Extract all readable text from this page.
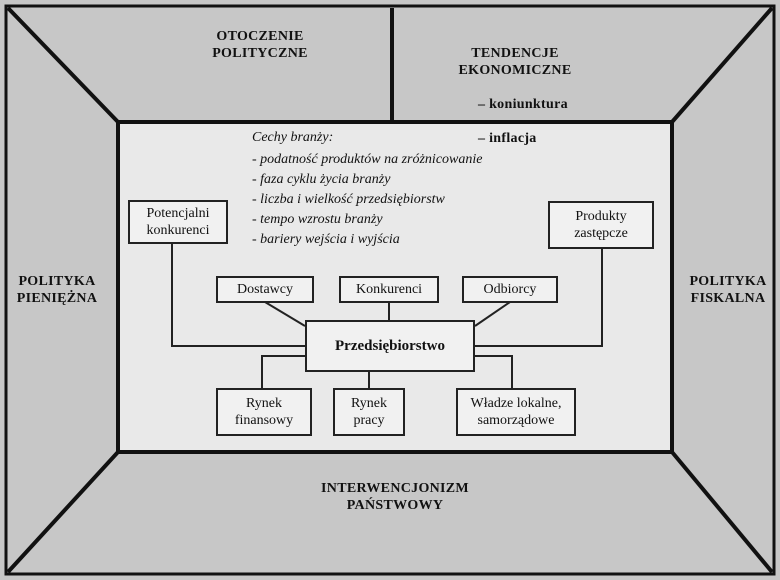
OTOCZENIE
POLITYCZNE	TENDENCJE
EKONOMICZNE

– koniunktura

– inflacja

POLITYKA
PIENIĘŻNA
POLITYKA
FISKALNA
INTERWENCJONIZM
PAŃSTWOWY
Cechy branży:
- podatność produktów na zróżnicowanie
- faza cyklu życia branży
- liczba i wielkość przedsiębiorstw
- tempo wzrostu branży
- bariery wejścia i wyjścia
Potencjalni
konkurenci
Produkty
zastępcze
Dostawcy	Konkurenci	Odbiorcy
Przedsiębiorstwo
Rynek
finansowy
Rynek
pracy
Władze lokalne,
samorządowe
